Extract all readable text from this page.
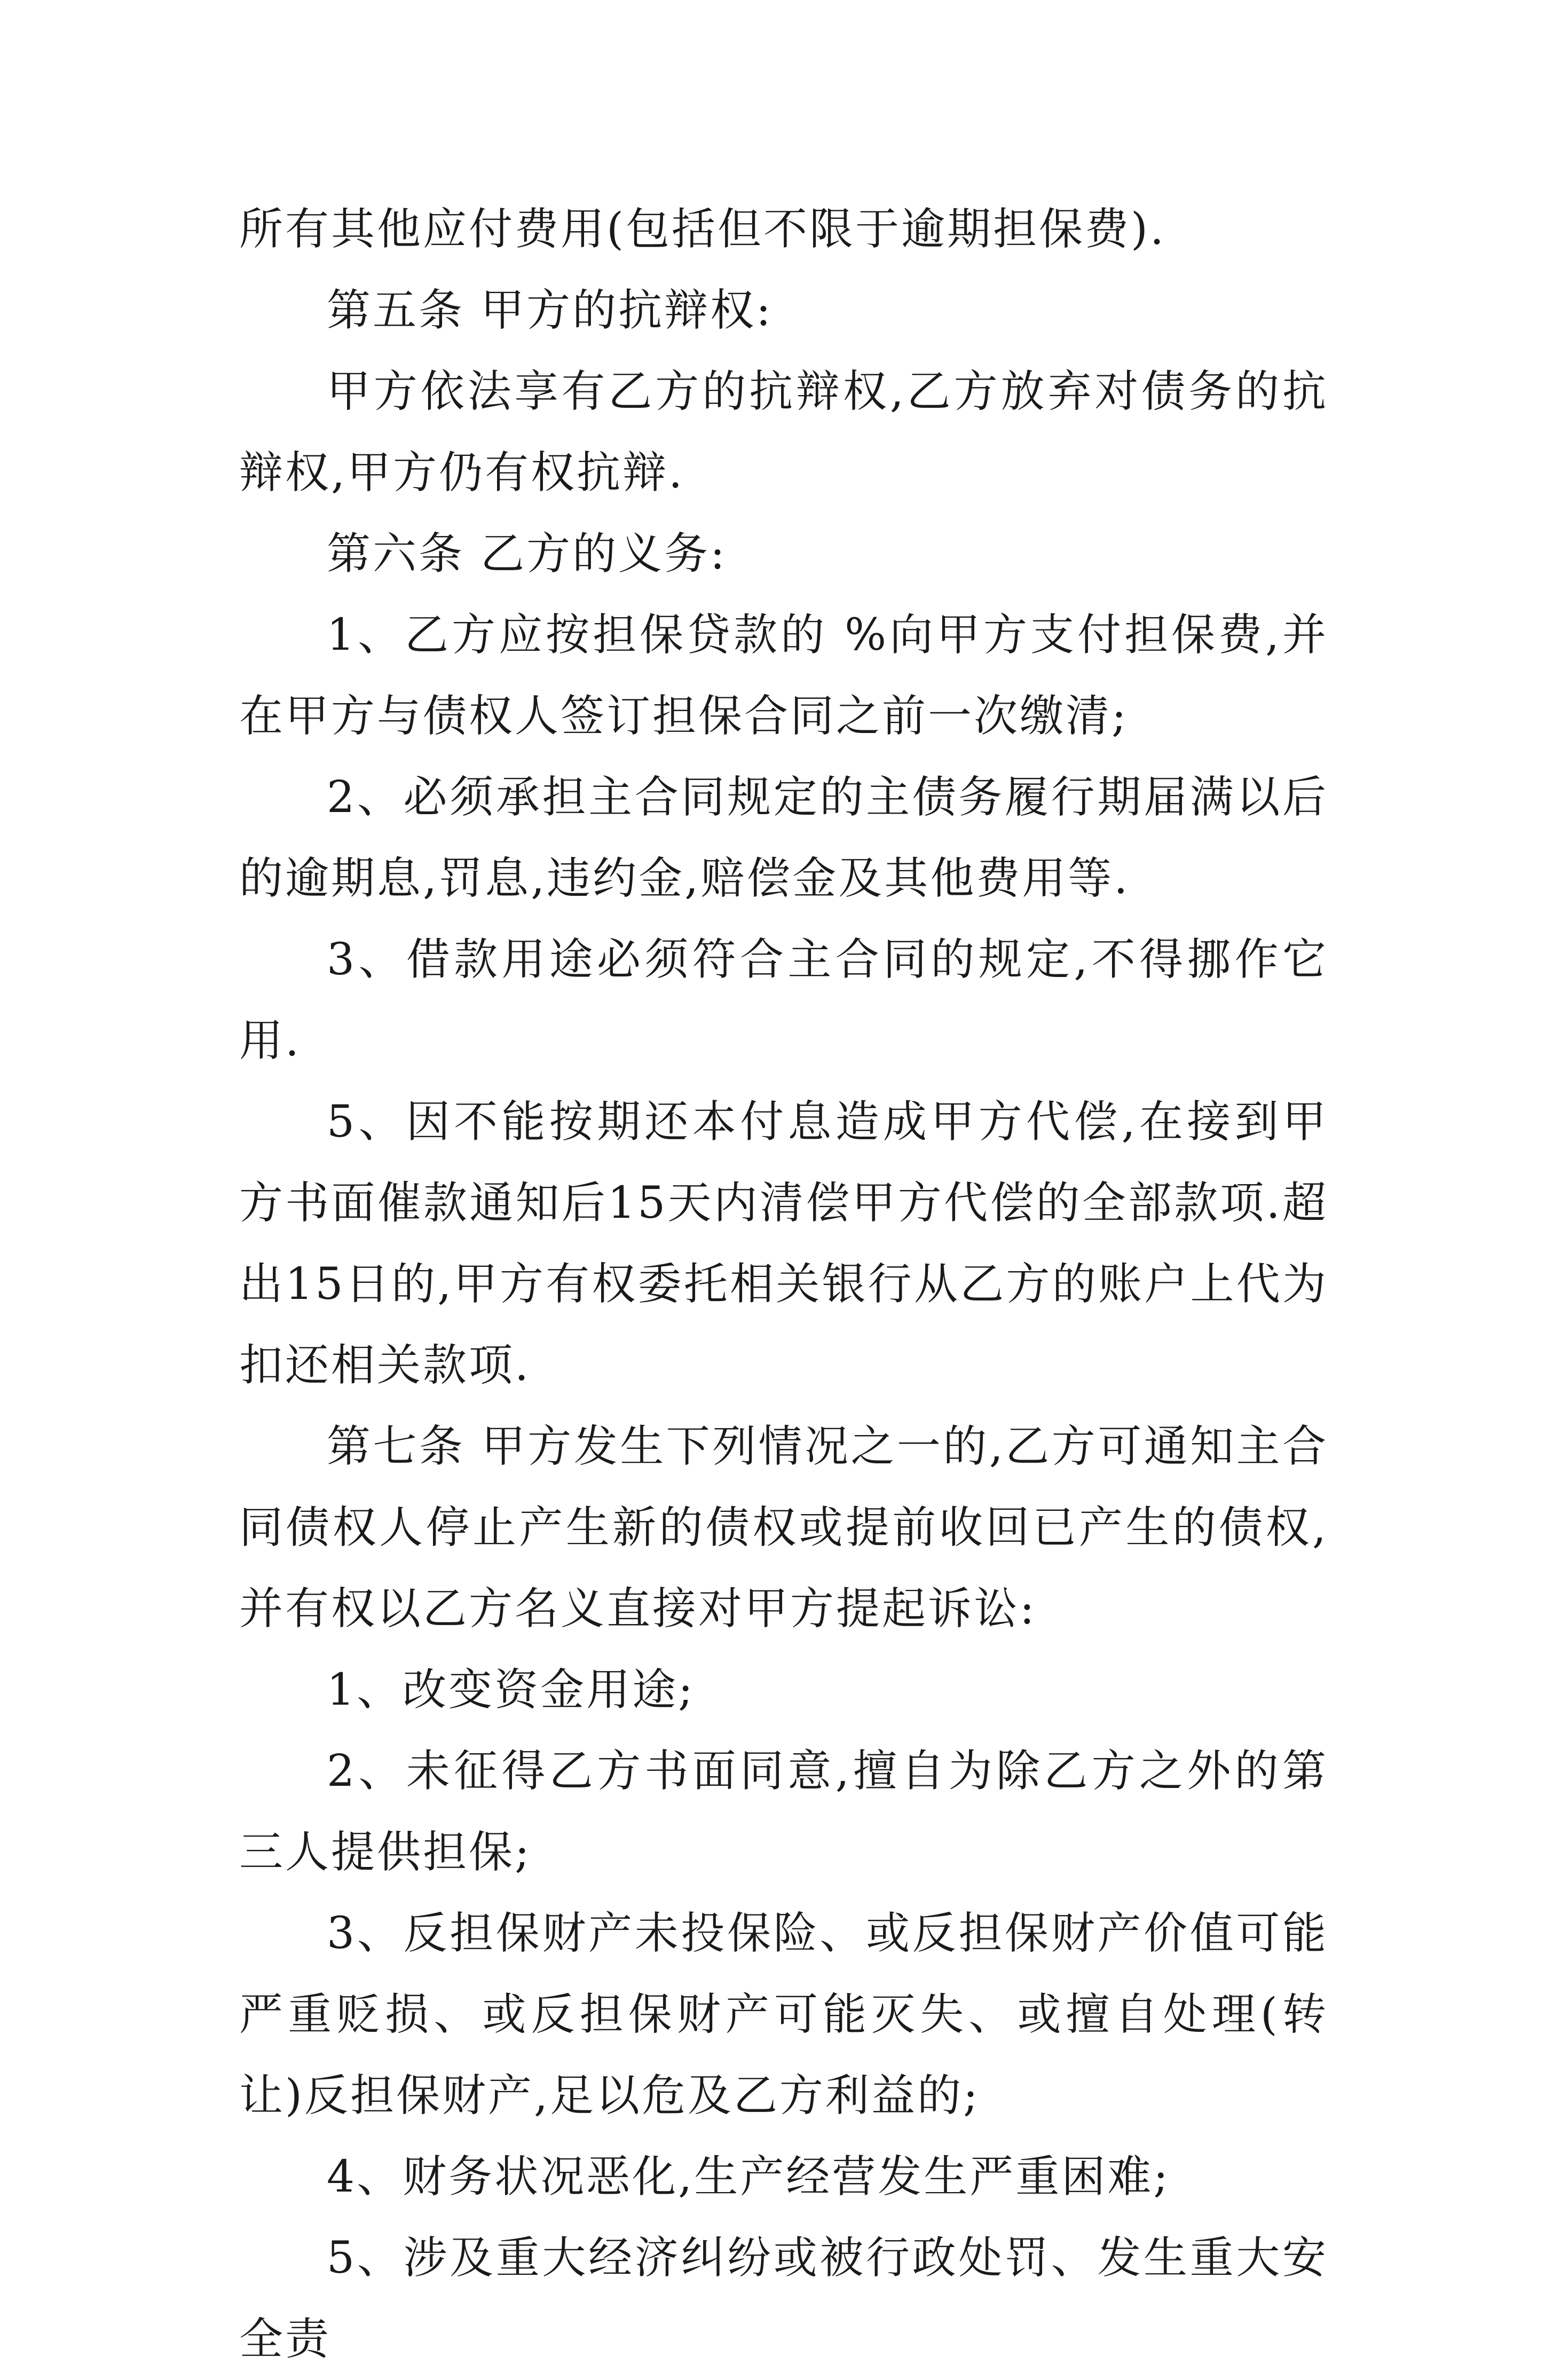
所有其他应付费用(包括但不限于逾期担保费).

第五条 甲方的抗辩权:

甲方依法享有乙方的抗辩权,乙方放弃对债务的抗辩权,甲方仍有权抗辩.

第六条 乙方的义务:

1、乙方应按担保贷款的 %向甲方支付担保费,并在甲方与债权人签订担保合同之前一次缴清;

2、必须承担主合同规定的主债务履行期届满以后的逾期息,罚息,违约金,赔偿金及其他费用等.

3、借款用途必须符合主合同的规定,不得挪作它用.

5、因不能按期还本付息造成甲方代偿,在接到甲方书面催款通知后15天内清偿甲方代偿的全部款项.超出15日的,甲方有权委托相关银行从乙方的账户上代为扣还相关款项.

第七条 甲方发生下列情况之一的,乙方可通知主合同债权人停止产生新的债权或提前收回已产生的债权,并有权以乙方名义直接对甲方提起诉讼:

1、改变资金用途;

2、未征得乙方书面同意,擅自为除乙方之外的第三人提供担保;

3、反担保财产未投保险、或反担保财产价值可能严重贬损、或反担保财产可能灭失、或擅自处理(转让)反担保财产,足以危及乙方利益的;

4、财务状况恶化,生产经营发生严重困难;

5、涉及重大经济纠纷或被行政处罚、发生重大安全责
